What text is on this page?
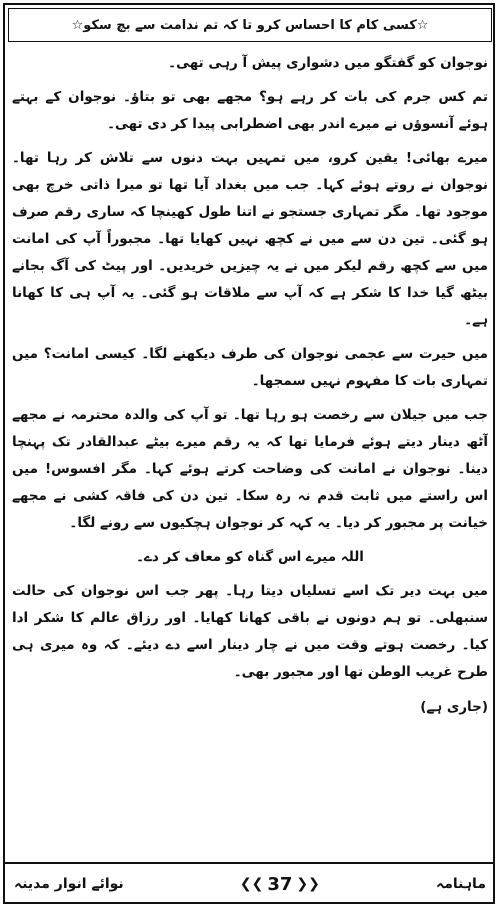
☆کسی کام کا احساس کرو تا کہ تم ندامت سے بچ سکو☆

نوجوان کو گفتگو میں دشواری پیش آ رہی تھی۔

تم کس جرم کی بات کر رہے ہو؟ مجھے بھی تو بتاؤ۔ نوجوان کے بہتے ہوئے آنسوؤں نے میرے اندر بھی اضطرابی پیدا کر دی تھی۔

میرے بھائی! یقین کرو، میں تمہیں بہت دنوں سے تلاش کر رہا تھا۔ نوجوان نے روتے ہوئے کہا۔ جب میں بغداد آیا تھا تو میرا ذاتی خرچ بھی موجود تھا۔ مگر تمہاری جستجو نے اتنا طول کھینچا کہ ساری رقم صرف ہو گئی۔ تین دن سے میں نے کچھ نہیں کھایا تھا۔ مجبوراً آپ کی امانت میں سے کچھ رقم لیکر میں نے یہ چیزیں خریدیں۔ اور پیٹ کی آگ بجانے بیٹھ گیا خدا کا شکر ہے کہ آپ سے ملاقات ہو گئی۔ یہ آپ ہی کا کھانا ہے۔

میں حیرت سے عجمی نوجوان کی طرف دیکھنے لگا۔ کیسی امانت؟ میں تمہاری بات کا مفہوم نہیں سمجھا۔

جب میں جیلان سے رخصت ہو رہا تھا۔ تو آپ کی والدہ محترمہ نے مجھے آٹھ دینار دیتے ہوئے فرمایا تھا کہ یہ رقم میرے بیٹے عبدالقادر تک پہنچا دینا۔ نوجوان نے امانت کی وضاحت کرتے ہوئے کہا۔ مگر افسوس! میں اس راستے میں ثابت قدم نہ رہ سکا۔ تین دن کی فاقہ کشی نے مجھے خیانت پر مجبور کر دیا۔ یہ کہہ کر نوجوان ہچکیوں سے رونے لگا۔

اللہ میرے اس گناہ کو معاف کر دے۔

میں بہت دیر تک اسے تسلیاں دیتا رہا۔ پھر جب اس نوجوان کی حالت سنبھلی۔ تو ہم دونوں نے باقی کھانا کھایا۔ اور رزاق عالم کا شکر ادا کیا۔ رخصت ہوتے وقت میں نے چار دینار اسے دے دیئے۔ کہ وہ میری ہی طرح غریب الوطن تھا اور مجبور بھی۔

(جاری ہے)

ماہنامہ
❮❮ 37 ❯❯
نوائے انوار مدینہ
